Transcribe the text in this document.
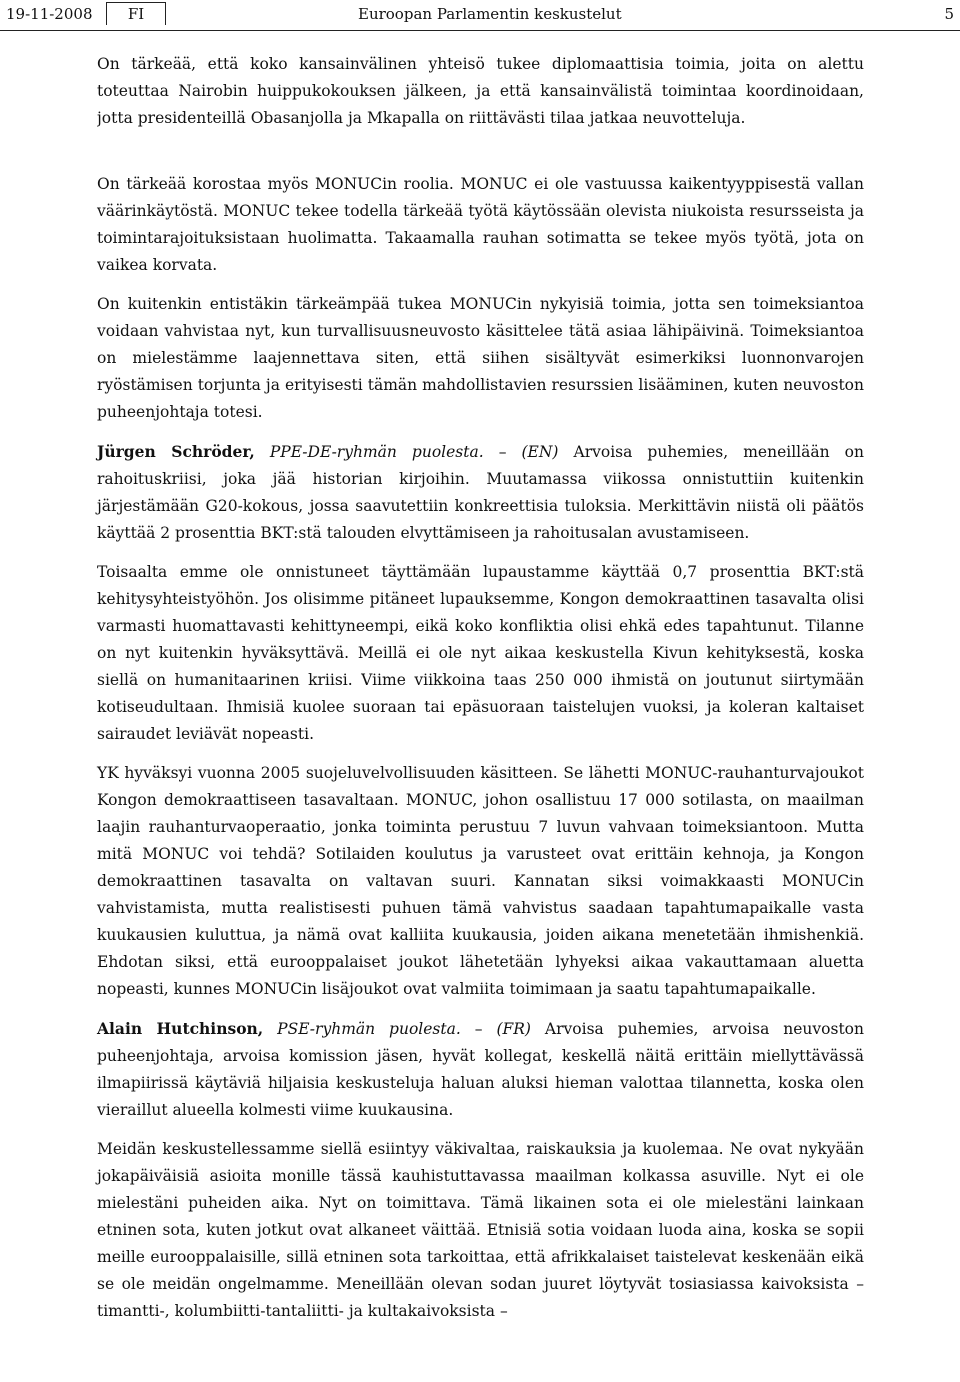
19-11-2008	FI	Euroopan Parlamentin keskustelut	5

On tärkeää, että koko kansainvälinen yhteisö tukee diplomaattisia toimia, joita on alettu toteuttaa Nairobin huippukokouksen jälkeen, ja että kansainvälistä toimintaa koordinoidaan, jotta presidenteillä Obasanjolla ja Mkapalla on riittävästi tilaa jatkaa neuvotteluja.

On tärkeää korostaa myös MONUCin roolia. MONUC ei ole vastuussa kaikentyyppisestä vallan väärinkäytöstä. MONUC tekee todella tärkeää työtä käytössään olevista niukoista resursseista ja toimintarajoituksistaan huolimatta. Takaamalla rauhan sotimatta se tekee myös työtä, jota on vaikea korvata.

On kuitenkin entistäkin tärkeämpää tukea MONUCin nykyisiä toimia, jotta sen toimeksiantoa voidaan vahvistaa nyt, kun turvallisuusneuvosto käsittelee tätä asiaa lähipäivinä. Toimeksiantoa on mielestämme laajennettava siten, että siihen sisältyvät esimerkiksi luonnonvarojen ryöstämisen torjunta ja erityisesti tämän mahdollistavien resurssien lisääminen, kuten neuvoston puheenjohtaja totesi.

Jürgen Schröder, PPE-DE-ryhmän puolesta. – (EN) Arvoisa puhemies, meneillään on rahoituskriisi, joka jää historian kirjoihin. Muutamassa viikossa onnistuttiin kuitenkin järjestämään G20-kokous, jossa saavutettiin konkreettisia tuloksia. Merkittävin niistä oli päätös käyttää 2 prosenttia BKT:stä talouden elvyttämiseen ja rahoitusalan avustamiseen.

Toisaalta emme ole onnistuneet täyttämään lupaustamme käyttää 0,7 prosenttia BKT:stä kehitysyhteistyöhön. Jos olisimme pitäneet lupauksemme, Kongon demokraattinen tasavalta olisi varmasti huomattavasti kehittyneempi, eikä koko konfliktia olisi ehkä edes tapahtunut. Tilanne on nyt kuitenkin hyväksyttävä. Meillä ei ole nyt aikaa keskustella Kivun kehityksestä, koska siellä on humanitaarinen kriisi. Viime viikkoina taas 250 000 ihmistä on joutunut siirtymään kotiseudultaan. Ihmisiä kuolee suoraan tai epäsuoraan taistelujen vuoksi, ja koleran kaltaiset sairaudet leviävät nopeasti.

YK hyväksyi vuonna 2005 suojeluvelvollisuuden käsitteen. Se lähetti MONUC-rauhanturvajoukot Kongon demokraattiseen tasavaltaan. MONUC, johon osallistuu 17 000 sotilasta, on maailman laajin rauhanturvaoperaatio, jonka toiminta perustuu 7 luvun vahvaan toimeksiantoon. Mutta mitä MONUC voi tehdä? Sotilaiden koulutus ja varusteet ovat erittäin kehnoja, ja Kongon demokraattinen tasavalta on valtavan suuri. Kannatan siksi voimakkaasti MONUCin vahvistamista, mutta realistisesti puhuen tämä vahvistus saadaan tapahtumapaikalle vasta kuukausien kuluttua, ja nämä ovat kalliita kuukausia, joiden aikana menetetään ihmishenkiä. Ehdotan siksi, että eurooppalaiset joukot lähetetään lyhyeksi aikaa vakauttamaan aluetta nopeasti, kunnes MONUCin lisäjoukot ovat valmiita toimimaan ja saatu tapahtumapaikalle.

Alain Hutchinson, PSE-ryhmän puolesta. – (FR) Arvoisa puhemies, arvoisa neuvoston puheenjohtaja, arvoisa komission jäsen, hyvät kollegat, keskellä näitä erittäin miellyttävässä ilmapiirissä käytäviä hiljaisia keskusteluja haluan aluksi hieman valottaa tilannetta, koska olen vieraillut alueella kolmesti viime kuukausina.

Meidän keskustellessamme siellä esiintyy väkivaltaa, raiskauksia ja kuolemaa. Ne ovat nykyään jokapäiväisiä asioita monille tässä kauhistuttavassa maailman kolkassa asuville. Nyt ei ole mielestäni puheiden aika. Nyt on toimittava. Tämä likainen sota ei ole mielestäni lainkaan etninen sota, kuten jotkut ovat alkaneet väittää. Etnisiä sotia voidaan luoda aina, koska se sopii meille eurooppalaisille, sillä etninen sota tarkoittaa, että afrikkalaiset taistelevat keskenään eikä se ole meidän ongelmamme. Meneillään olevan sodan juuret löytyvät tosiasiassa kaivoksista – timantti-, kolumbiitti-tantaliitti- ja kultakaivoksista –
